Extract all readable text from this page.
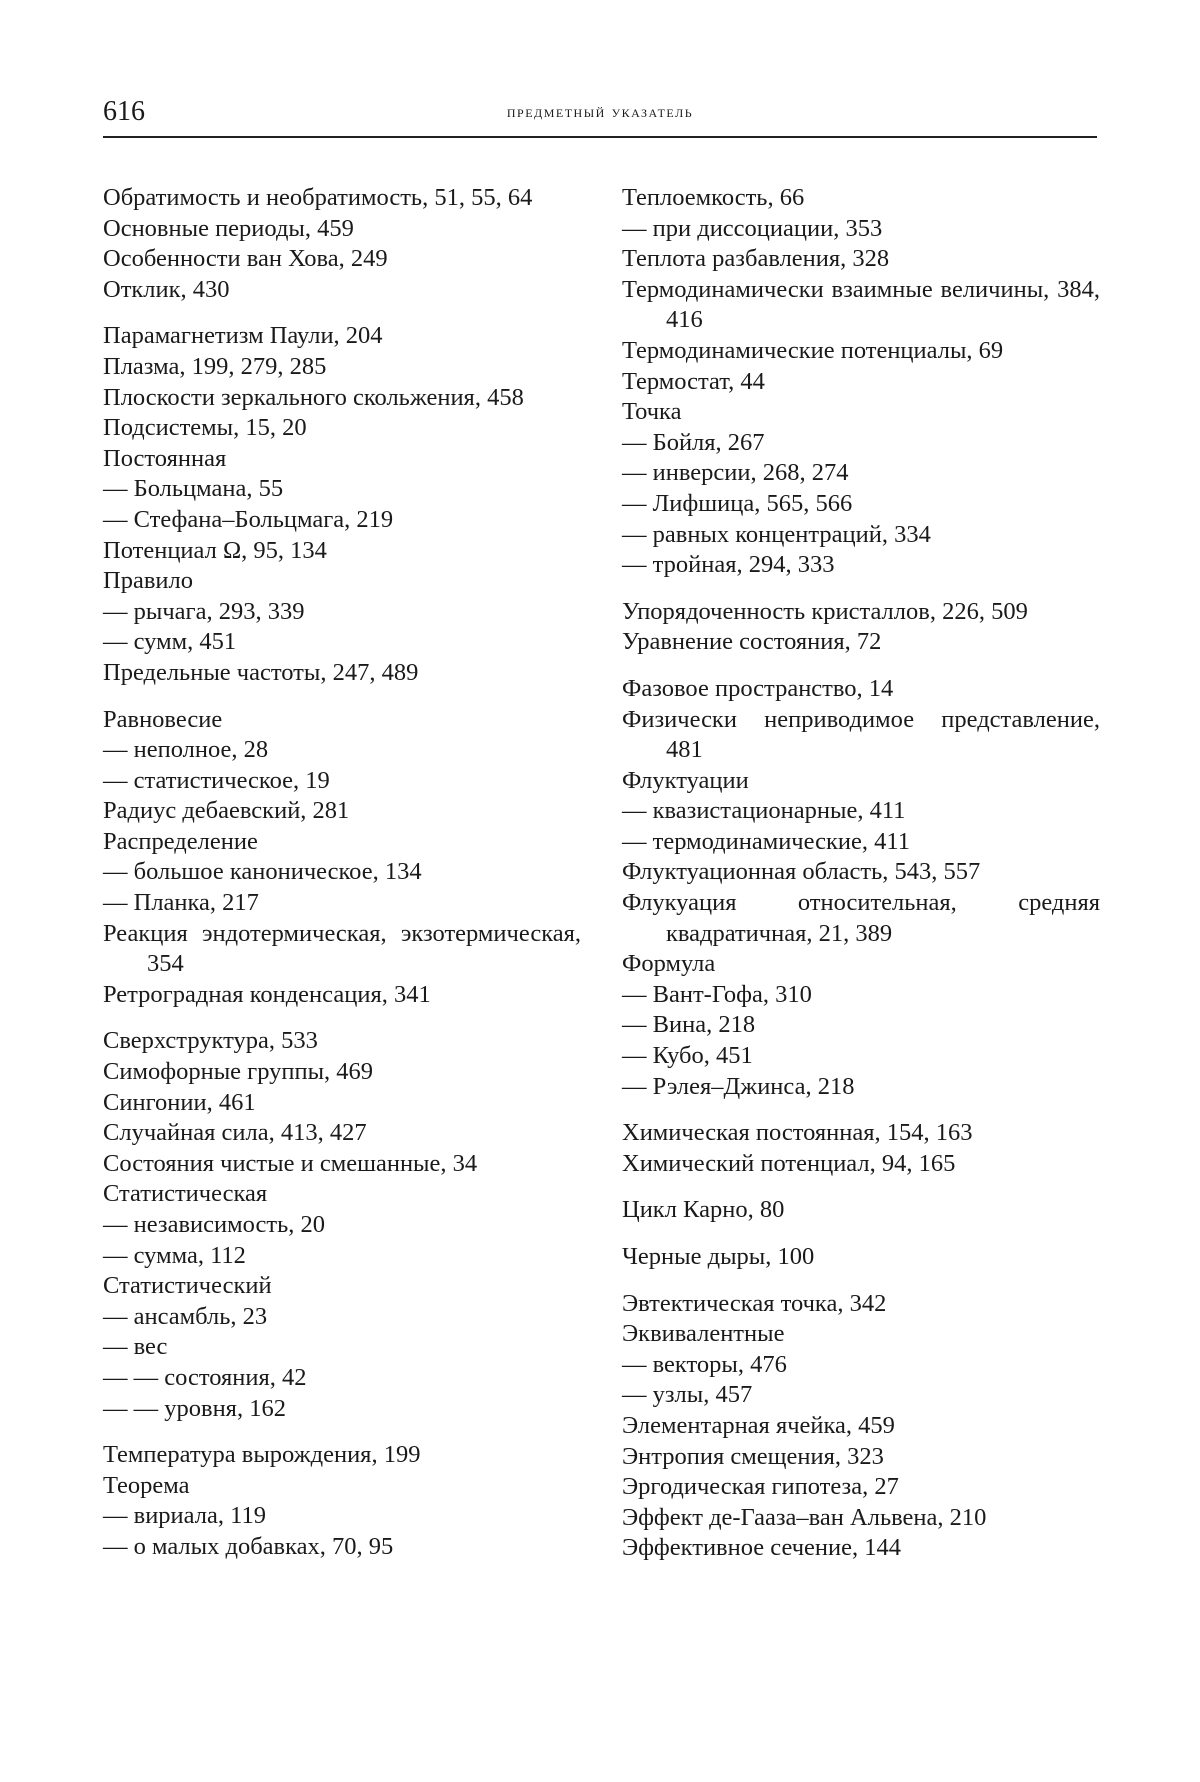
616	предметный указатель
Обратимость и необратимость, 51, 55, 64
Основные периоды, 459
Особенности ван Хова, 249
Отклик, 430
Парамагнетизм Паули, 204
Плазма, 199, 279, 285
Плоскости зеркального скольжения, 458
Подсистемы, 15, 20
Постоянная
— Больцмана, 55
— Стефана–Больцмага, 219
Потенциал Ω, 95, 134
Правило
— рычага, 293, 339
— сумм, 451
Предельные частоты, 247, 489
Равновесие
— неполное, 28
— статистическое, 19
Радиус дебаевский, 281
Распределение
— большое каноническое, 134
— Планка, 217
Реакция эндотермическая, экзотермическая, 354
Ретроградная конденсация, 341
Сверхструктура, 533
Симофорные группы, 469
Сингонии, 461
Случайная сила, 413, 427
Состояния чистые и смешанные, 34
Статистическая
— независимость, 20
— сумма, 112
Статистический
— ансамбль, 23
— вес
— — состояния, 42
— — уровня, 162
Температура вырождения, 199
Теорема
— вириала, 119
— о малых добавках, 70, 95
Теплоемкость, 66
— при диссоциации, 353
Теплота разбавления, 328
Термодинамически взаимные величины, 384, 416
Термодинамические потенциалы, 69
Термостат, 44
Точка
— Бойля, 267
— инверсии, 268, 274
— Лифшица, 565, 566
— равных концентраций, 334
— тройная, 294, 333
Упорядоченность кристаллов, 226, 509
Уравнение состояния, 72
Фазовое пространство, 14
Физически неприводимое представление, 481
Флуктуации
— квазистационарные, 411
— термодинамические, 411
Флуктуационная область, 543, 557
Флукуация относительная, средняя квадратичная, 21, 389
Формула
— Вант-Гофа, 310
— Вина, 218
— Кубо, 451
— Рэлея–Джинса, 218
Химическая постоянная, 154, 163
Химический потенциал, 94, 165
Цикл Карно, 80
Черные дыры, 100
Эвтектическая точка, 342
Эквивалентные
— векторы, 476
— узлы, 457
Элементарная ячейка, 459
Энтропия смещения, 323
Эргодическая гипотеза, 27
Эффект де-Гааза–ван Альвена, 210
Эффективное сечение, 144
